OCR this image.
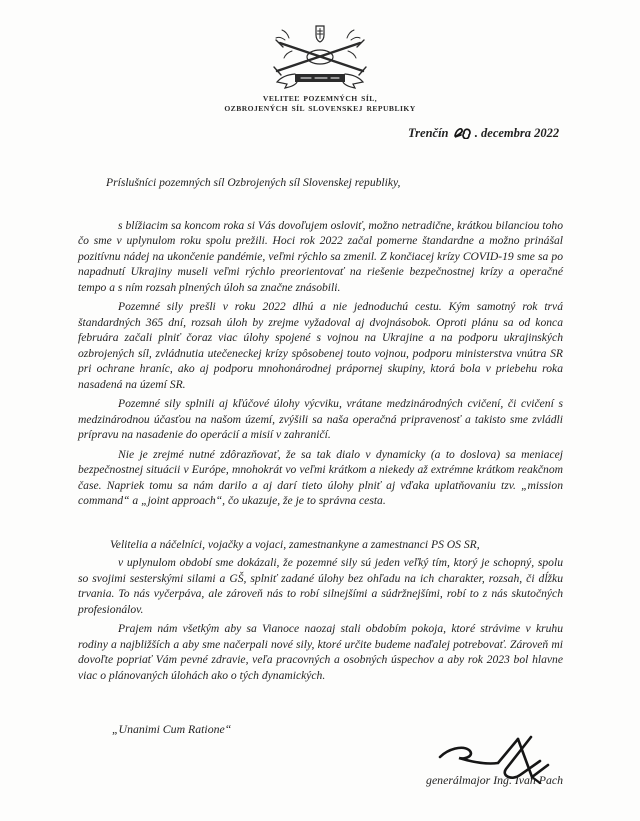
VELITEĽ POZEMNÝCH SÍL,
OZBROJENÝCH SÍL SLOVENSKEJ REPUBLIKY
Trenčín . decembra 2022
Príslušníci pozemných síl Ozbrojených síl Slovenskej republiky,

s blížiacim sa koncom roka si Vás dovoľujem osloviť, možno netradične, krátkou bilanciou toho čo sme v uplynulom roku spolu prežili. Hoci rok 2022 začal pomerne štandardne a možno prinášal pozitívnu nádej na ukončenie pandémie, veľmi rýchlo sa zmenil. Z končiacej krízy COVID-19 sme sa po napadnutí Ukrajiny museli veľmi rýchlo preorientovať na riešenie bezpečnostnej krízy a operačné tempo a s ním rozsah plnených úloh sa značne znásobili.

Pozemné sily prešli v roku 2022 dlhú a nie jednoduchú cestu. Kým samotný rok trvá štandardných 365 dní, rozsah úloh by zrejme vyžadoval aj dvojnásobok. Oproti plánu sa od konca februára začali plniť čoraz viac úlohy spojené s vojnou na Ukrajine a na podporu ukrajinských ozbrojených síl, zvládnutia utečeneckej krízy spôsobenej touto vojnou, podporu ministerstva vnútra SR pri ochrane hraníc, ako aj podporu mnohonárodnej prápornej skupiny, ktorá bola v priebehu roka nasadená na území SR.

Pozemné sily splnili aj kľúčové úlohy výcviku, vrátane medzinárodných cvičení, či cvičení s medzinárodnou účasťou na našom území, zvýšili sa naša operačná pripravenosť a takisto sme zvládli prípravu na nasadenie do operácií a misií v zahraničí.

Nie je zrejmé nutné zdôrazňovať, že sa tak dialo v dynamicky (a to doslova) sa meniacej bezpečnostnej situácii v Európe, mnohokrát vo veľmi krátkom a niekedy až extrémne krátkom reakčnom čase. Napriek tomu sa nám darilo a aj darí tieto úlohy plniť aj vďaka uplatňovaniu tzv. „mission command“ a „joint approach“, čo ukazuje, že je to správna cesta.

Velitelia a náčelníci, vojačky a vojaci, zamestnankyne a zamestnanci PS OS SR,

v uplynulom období sme dokázali, že pozemné sily sú jeden veľký tím, ktorý je schopný, spolu so svojimi sesterskými silami a GŠ, splniť zadané úlohy bez ohľadu na ich charakter, rozsah, či dĺžku trvania. To nás vyčerpáva, ale zároveň nás to robí silnejšími a súdržnejšími, robí to z nás skutočných profesionálov.

Prajem nám všetkým aby sa Vianoce naozaj stali obdobím pokoja, ktoré strávime v kruhu rodiny a najbližších a aby sme načerpali nové sily, ktoré určite budeme naďalej potrebovať. Zároveň mi dovoľte popriať Vám pevné zdravie, veľa pracovných a osobných úspechov a aby rok 2023 bol hlavne viac o plánovaných úlohách ako o tých dynamických.

„Unanimi Cum Ratione“
generálmajor Ing. Ivan Pach
